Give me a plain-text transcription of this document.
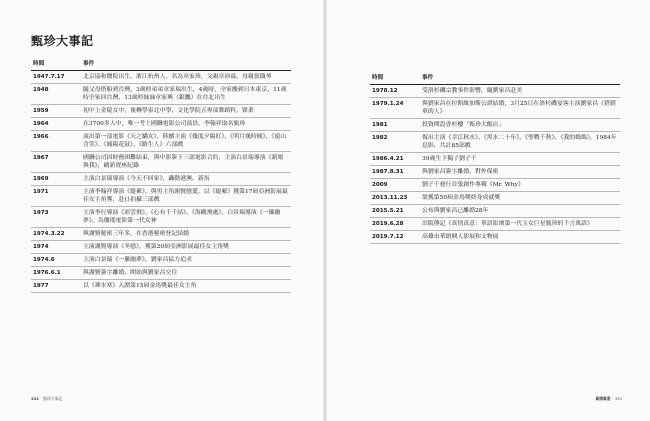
甄珍大事記
時間	事件
1947.7.17	北京協和醫院出生，浙江杭州人，名為章家珍，父親章沛霖，母親張織琴
1948	隨父母搭船到台灣，3歲時弟弟章家瑞出生，4歲時，全家搬到日本東京，11歲時全家回台灣，13歲時妹妹章家興（銀鷹）在台北出生
1959	初中上金陵女中，後轉學泰北中學、文化學院五專部舞蹈科，肄業
1964	在3700多人中，唯一考上國聯電影公司演員，李翰祥取名甄珍
1966	演出第一部電影《天之驕女》，陸續主演《幾度夕陽紅》、《明月幾時圓》、《遠山含笑》、《鳳陽花鼓》、《路生人》六部戲
1967	國聯公司因財務困難結束，與中影簽下三部電影合約，主演白景瑞導演《新娘與我》，刷新賣座紀錄
1969	主演白景瑞導演《今天不回家》，轟動港澳、新馬
1971	主演李翰祥導演《緹縈》，與男主角謝賢戀愛，以《緹縈》獲第17屆亞洲影展最佳女主角獎，赴日拍攝三部戲
1973	主演李行導演《彩雲飛》、《心有千千結》、《海鷗飛處》，白景瑞導演《一簾幽夢》，為瓊瑤電影第一代女神
1974.3.22	與謝賢秘密三年多，在香港秘密登記結婚
1974	主演謝賢導演《冬戀》，獲第20屆亞洲影展最佳女主角獎
1974.6	主演白景瑞《一簾幽夢》，劉家昌猛力追求
1976.6.1	與謝賢簽字離婚，開始與劉家昌交往
1977	以《禪水寒》入圍第15屆金馬獎最佳女主角
時間	事件
1978.12	受洛杉磯宗教事件影響，隨劉家昌赴美
1979.1.24	與劉家昌在拉斯維加斯公證結婚，3月25日在洛杉磯宴客主演劉家昌《搭錯車的人》
1981	投資開設香杉樓「甄珍大飯店」
1982	復出主演《幸江秋水》、《黑水二十年》、《聖戰千秋》、《我的媽媽》，1984年息影，共計85部戲
1986.4.21	39歲生下獨子劉子千
1987.8.31	與劉家昌簽字離婚，對外保密
2009	劉子千發行首張創作專輯《Mr. Why》
2013.11.23	榮獲第50屆金馬獎終身成就獎
2015.5.21	公布與劉家昌已離婚28年
2019.6.28	出版傳記《真情真意：華語影壇第一代玉女巨星甄珍的千言萬語》
2019.7.12	高雄市華朗個人影展和文物展
332 甄珍大事記	真情真意 333
